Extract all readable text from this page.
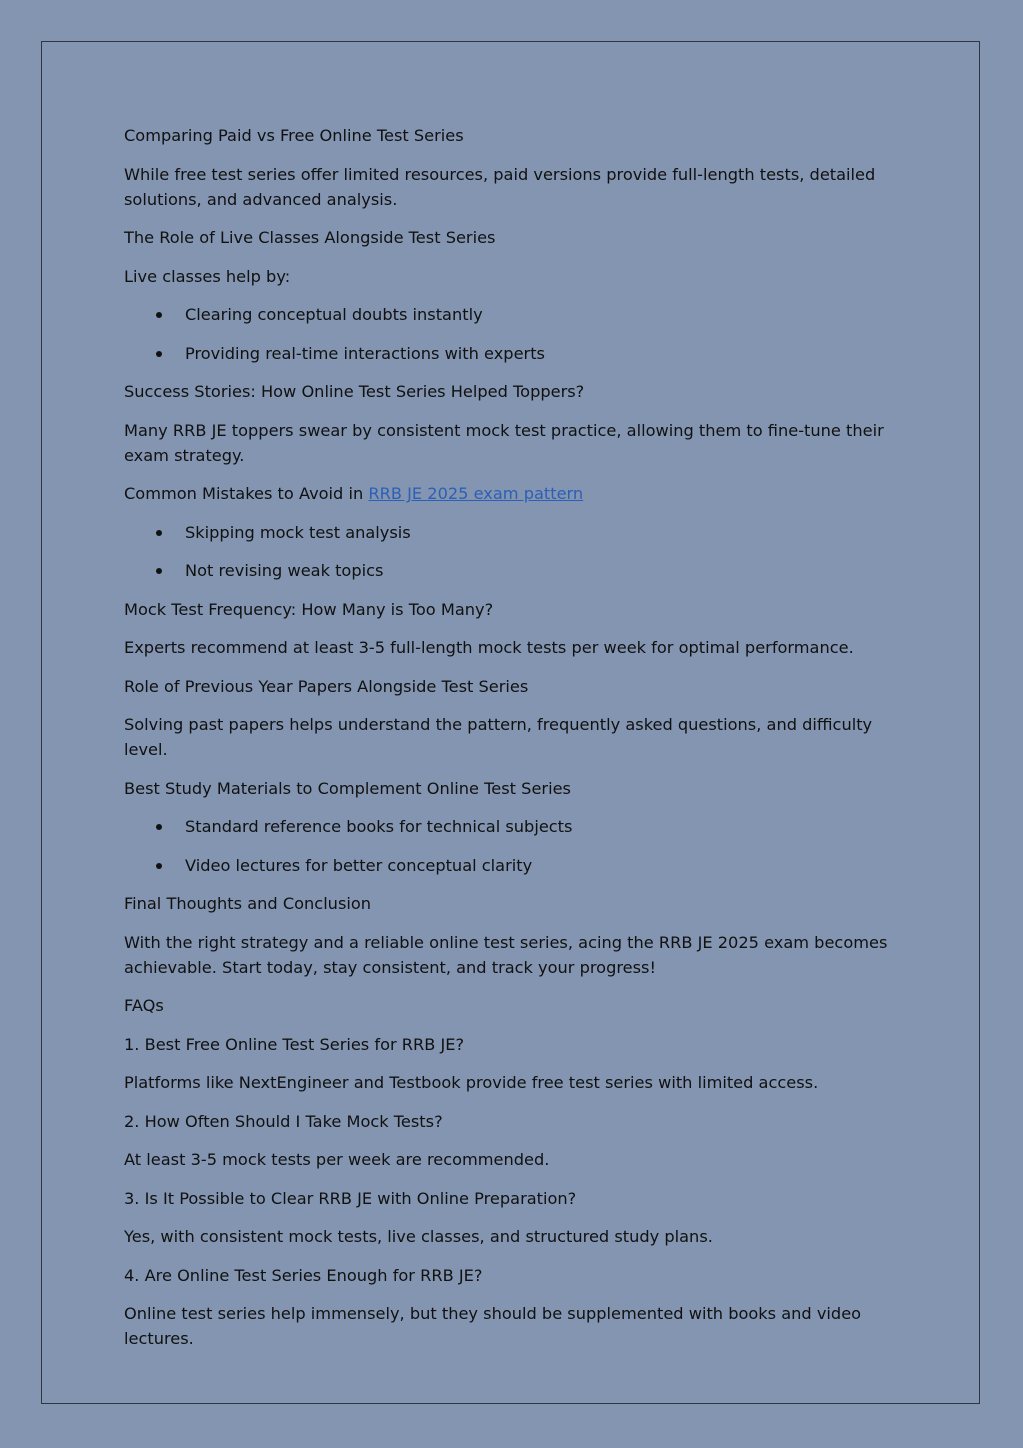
Comparing Paid vs Free Online Test Series

While free test series offer limited resources, paid versions provide full-length tests, detailed solutions, and advanced analysis.

The Role of Live Classes Alongside Test Series

Live classes help by:

Clearing conceptual doubts instantly
Providing real-time interactions with experts

Success Stories: How Online Test Series Helped Toppers?

Many RRB JE toppers swear by consistent mock test practice, allowing them to fine-tune their exam strategy.

Common Mistakes to Avoid in RRB JE 2025 exam pattern

Skipping mock test analysis
Not revising weak topics

Mock Test Frequency: How Many is Too Many?

Experts recommend at least 3-5 full-length mock tests per week for optimal performance.

Role of Previous Year Papers Alongside Test Series

Solving past papers helps understand the pattern, frequently asked questions, and difficulty level.

Best Study Materials to Complement Online Test Series

Standard reference books for technical subjects
Video lectures for better conceptual clarity

Final Thoughts and Conclusion

With the right strategy and a reliable online test series, acing the RRB JE 2025 exam becomes achievable. Start today, stay consistent, and track your progress!

FAQs

1. Best Free Online Test Series for RRB JE?

Platforms like NextEngineer and Testbook provide free test series with limited access.

2. How Often Should I Take Mock Tests?

At least 3-5 mock tests per week are recommended.

3. Is It Possible to Clear RRB JE with Online Preparation?

Yes, with consistent mock tests, live classes, and structured study plans.

4. Are Online Test Series Enough for RRB JE?

Online test series help immensely, but they should be supplemented with books and video lectures.
